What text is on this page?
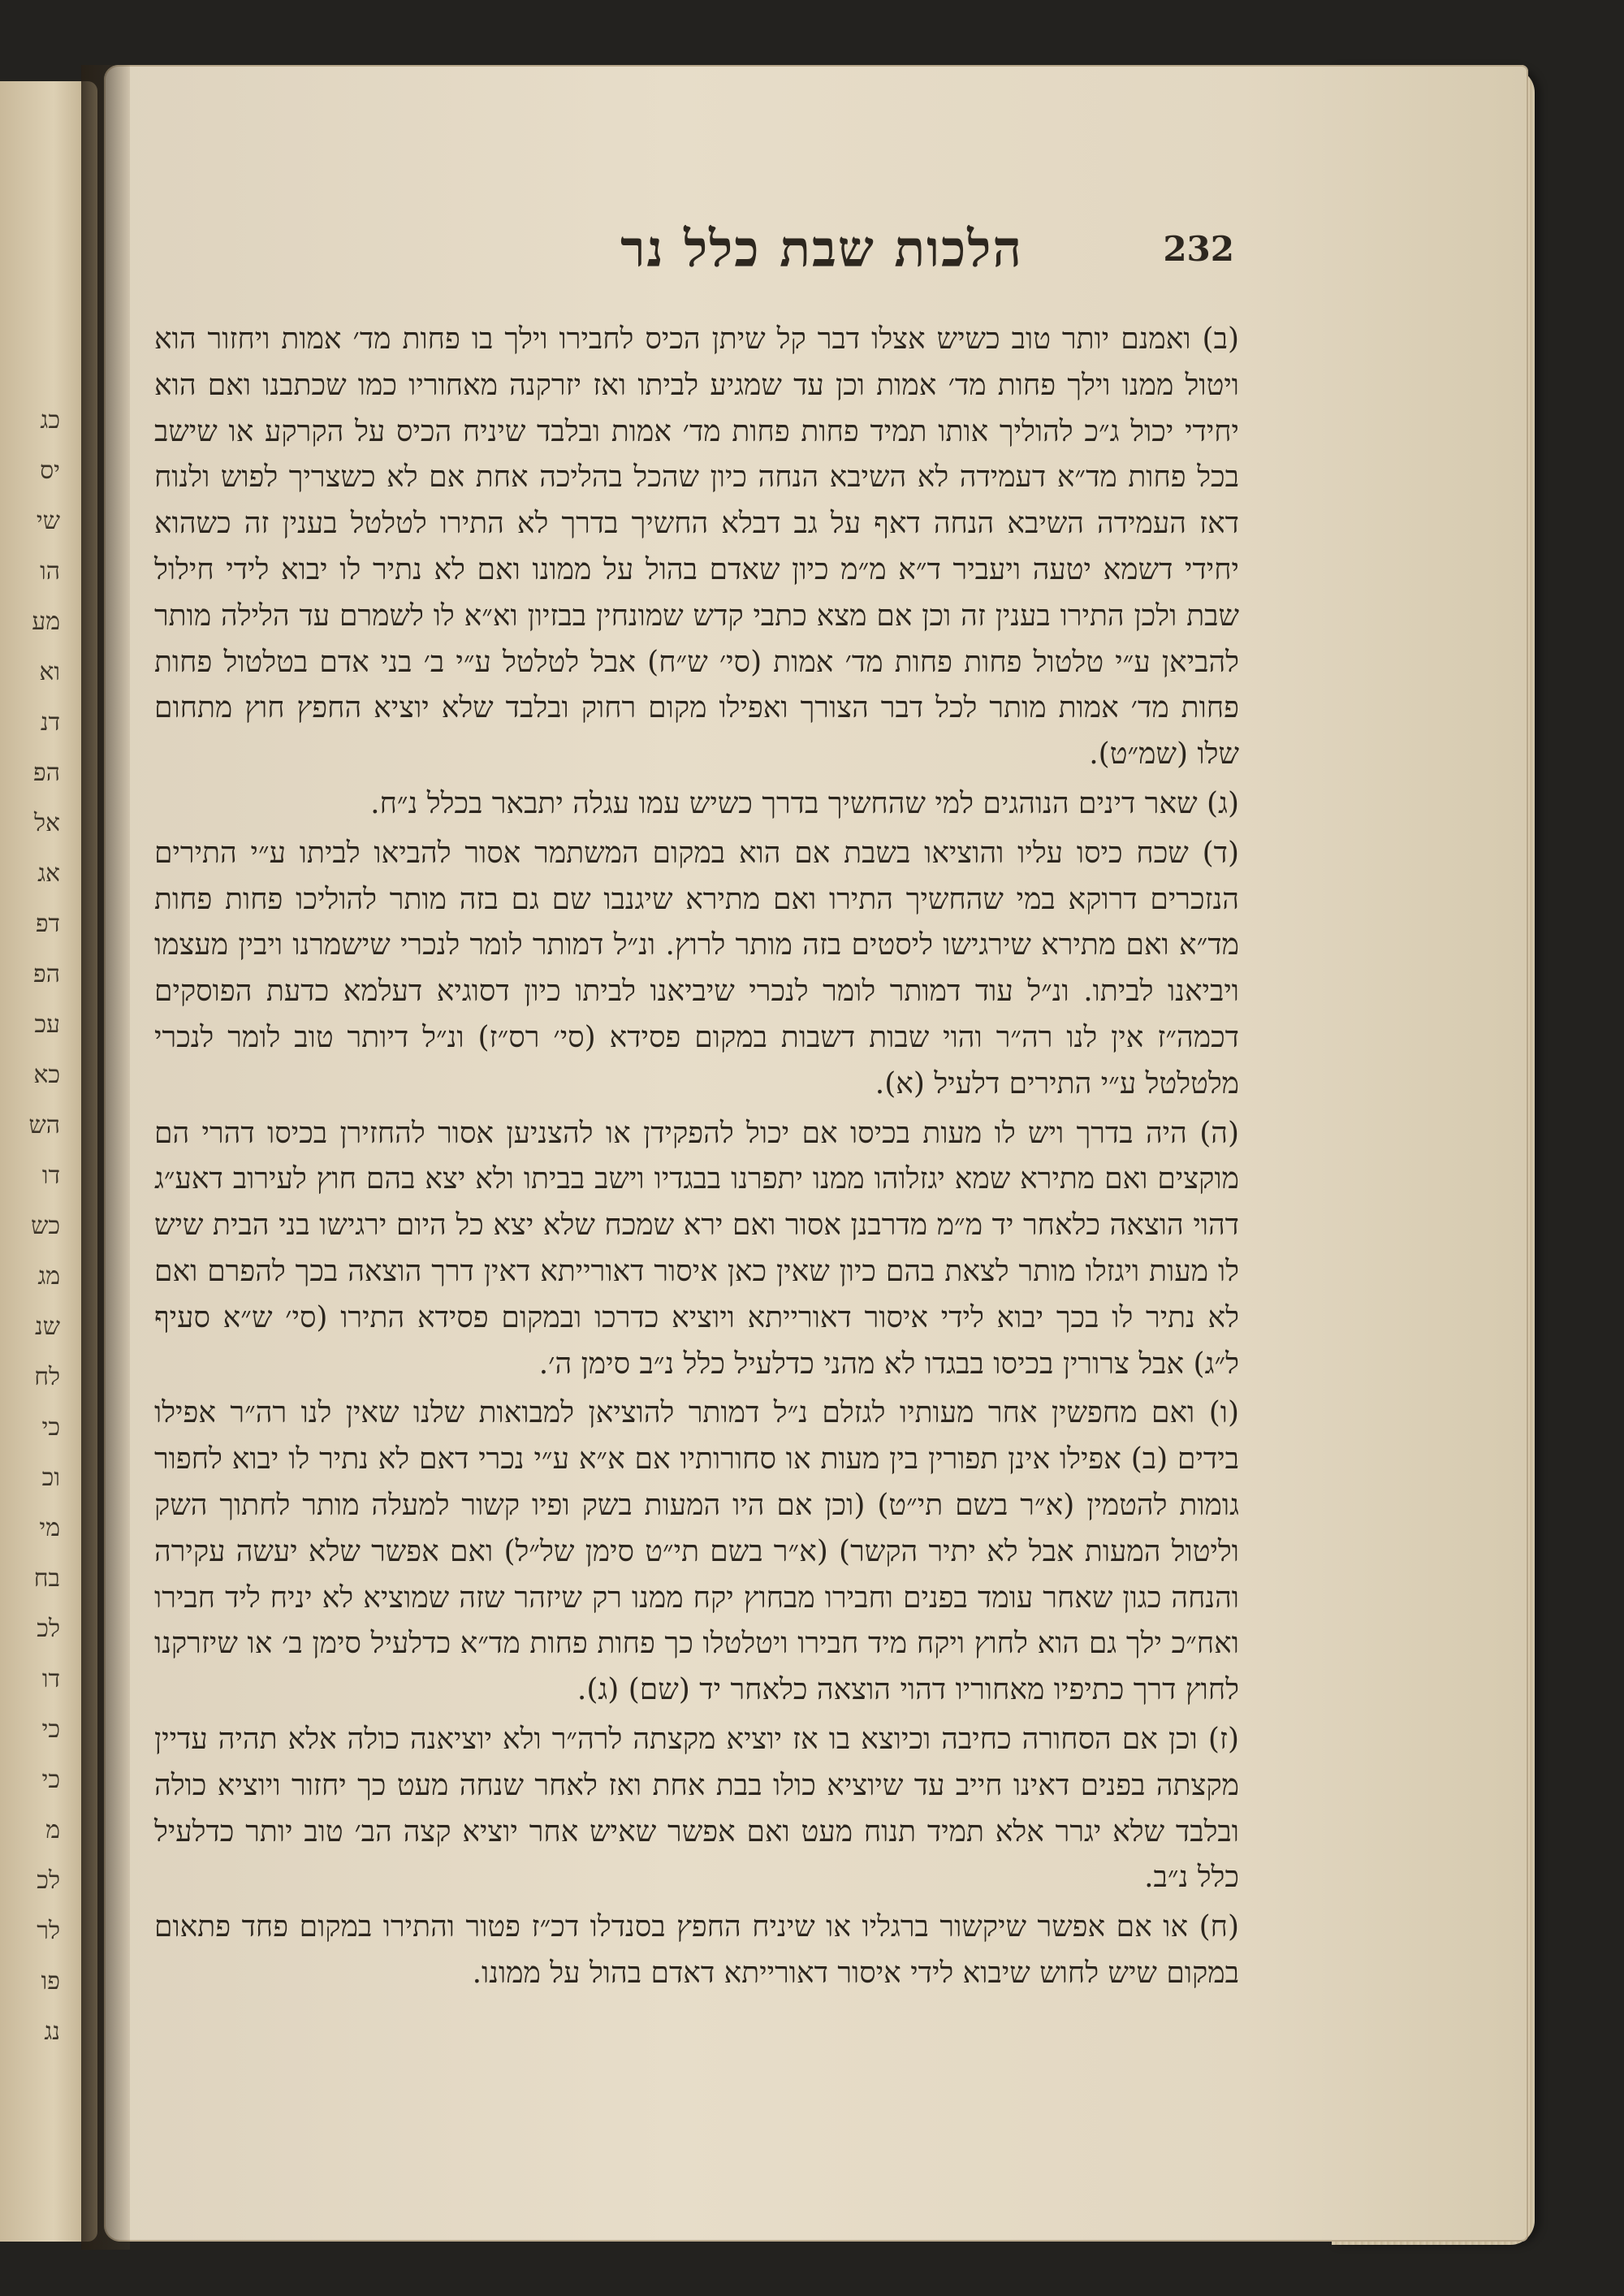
כג
יס
שי
הו
מע
וא
דנ
הפ
אל
אג
דפ
הפ
עכ
כא
הש
דו
כש
מג
שנ
לח
כי
וכ
מי
בח
לכ
דו
כי
כי
מ
לכ
לר
פו
נג
הלכות שבת כלל נר	232

(ב) ואמנם יותר טוב כשיש אצלו דבר קל שיתן הכיס לחבירו וילך בו פחות מד׳ אמות ויחזור הוא ויטול ממנו וילך פחות מד׳ אמות וכן עד שמגיע לביתו ואז יזרקנה מאחוריו כמו שכתבנו ואם הוא יחידי יכול ג״כ להוליך אותו תמיד פחות פחות מד׳ אמות ובלבד שיניח הכיס על הקרקע או שישב בכל פחות מד״א דעמידה לא השיבא הנחה כיון שהכל בהליכה אחת אם לא כשצריך לפוש ולנוח דאז העמידה השיבא הנחה דאף על גב דבלא החשיך בדרך לא התירו לטלטל בענין זה כשהוא יחידי דשמא יטעה ויעביר ד״א מ״מ כיון שאדם בהול על ממונו ואם לא נתיר לו יבוא לידי חילול שבת ולכן התירו בענין זה וכן אם מצא כתבי קדש שמונחין בבזיון וא״א לו לשמרם עד הלילה מותר להביאן ע״י טלטול פחות פחות מד׳ אמות (סי׳ ש״ח) אבל לטלטל ע״י ב׳ בני אדם בטלטול פחות פחות מד׳ אמות מותר לכל דבר הצורך ואפילו מקום רחוק ובלבד שלא יוציא החפץ חוץ מתחום שלו (שמ״ט).

(ג) שאר דינים הנוהגים למי שהחשיך בדרך כשיש עמו עגלה יתבאר בכלל נ״ח.

(ד) שכח כיסו עליו והוציאו בשבת אם הוא במקום המשתמר אסור להביאו לביתו ע״י התירים הנזכרים דרוקא במי שהחשיך התירו ואם מתירא שיגנבו שם גם בזה מותר להוליכו פחות פחות מד״א ואם מתירא שירגישו ליסטים בזה מותר לרוץ. ונ״ל דמותר לומר לנכרי שישמרנו ויבין מעצמו ויביאנו לביתו. ונ״ל עוד דמותר לומר לנכרי שיביאנו לביתו כיון דסוגיא דעלמא כדעת הפוסקים דכמה״ז אין לנו רה״ר והוי שבות דשבות במקום פסידא (סי׳ רס״ז) ונ״ל דיותר טוב לומר לנכרי מלטלטל ע״י התירים דלעיל (א).

(ה) היה בדרך ויש לו מעות בכיסו אם יכול להפקידן או להצניען אסור להחזירן בכיסו דהרי הם מוקצים ואם מתירא שמא יגזלוהו ממנו יתפרנו בבגדיו וישב בביתו ולא יצא בהם חוץ לעירוב דאע״ג דהוי הוצאה כלאחר יד מ״מ מדרבנן אסור ואם ירא שמכח שלא יצא כל היום ירגישו בני הבית שיש לו מעות ויגזלו מותר לצאת בהם כיון שאין כאן איסור דאורייתא דאין דרך הוצאה בכך להפרם ואם לא נתיר לו בכך יבוא לידי איסור דאורייתא ויוציא כדרכו ובמקום פסידא התירו (סי׳ ש״א סעיף ל״ג) אבל צרורין בכיסו בבגדו לא מהני כדלעיל כלל נ״ב סימן ה׳.

(ו) ואם מחפשין אחר מעותיו לגזלם נ״ל דמותר להוציאן למבואות שלנו שאין לנו רה״ר אפילו בידים (ב) אפילו אינן תפורין בין מעות או סחורותיו אם א״א ע״י נכרי דאם לא נתיר לו יבוא לחפור גומות להטמין (א״ר בשם תי״ט) (וכן אם היו המעות בשק ופיו קשור למעלה מותר לחתוך השק וליטול המעות אבל לא יתיר הקשר) (א״ר בשם תי״ט סימן של״ל) ואם אפשר שלא יעשה עקירה והנחה כגון שאחר עומד בפנים וחבירו מבחוץ יקח ממנו רק שיזהר שזה שמוציא לא יניח ליד חבירו ואח״כ ילך גם הוא לחוץ ויקח מיד חבירו ויטלטלו כך פחות פחות מד״א כדלעיל סימן ב׳ או שיזרקנו לחוץ דרך כתיפיו מאחוריו דהוי הוצאה כלאחר יד (שם) (ג).

(ז) וכן אם הסחורה כחיבה וכיוצא בו אז יוציא מקצתה לרה״ר ולא יוציאנה כולה אלא תהיה עדיין מקצתה בפנים דאינו חייב עד שיוציא כולו בבת אחת ואז לאחר שנחה מעט כך יחזור ויוציא כולה ובלבד שלא יגרר אלא תמיד תנוח מעט ואם אפשר שאיש אחר יוציא קצה הב׳ טוב יותר כדלעיל כלל נ״ב.

(ח) או אם אפשר שיקשור ברגליו או שיניח החפץ בסנדלו דכ״ז פטור והתירו במקום פחד פתאום במקום שיש לחוש שיבוא לידי איסור דאורייתא דאדם בהול על ממונו.
